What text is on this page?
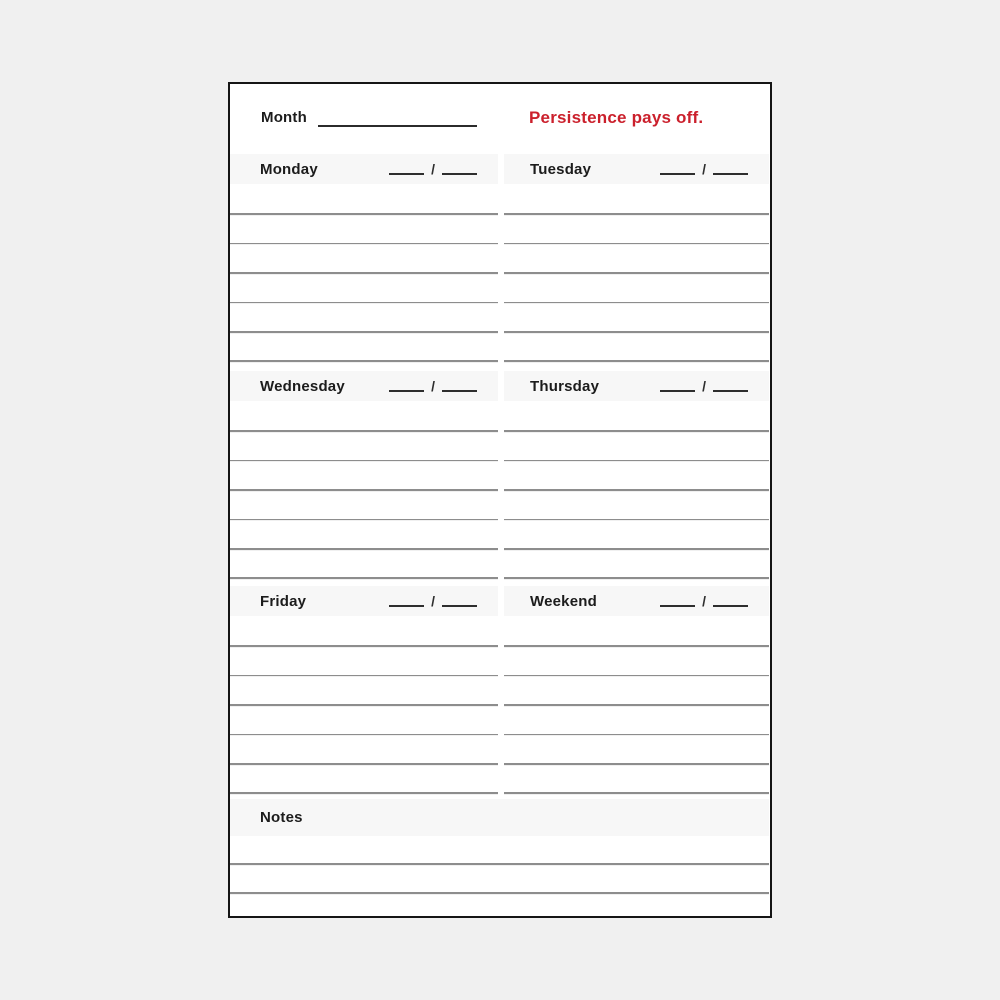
Month	Persistence pays off.
Monday	/	Tuesday	/
Wednesday	/	Thursday	/
Friday	/	Weekend	/
Notes
